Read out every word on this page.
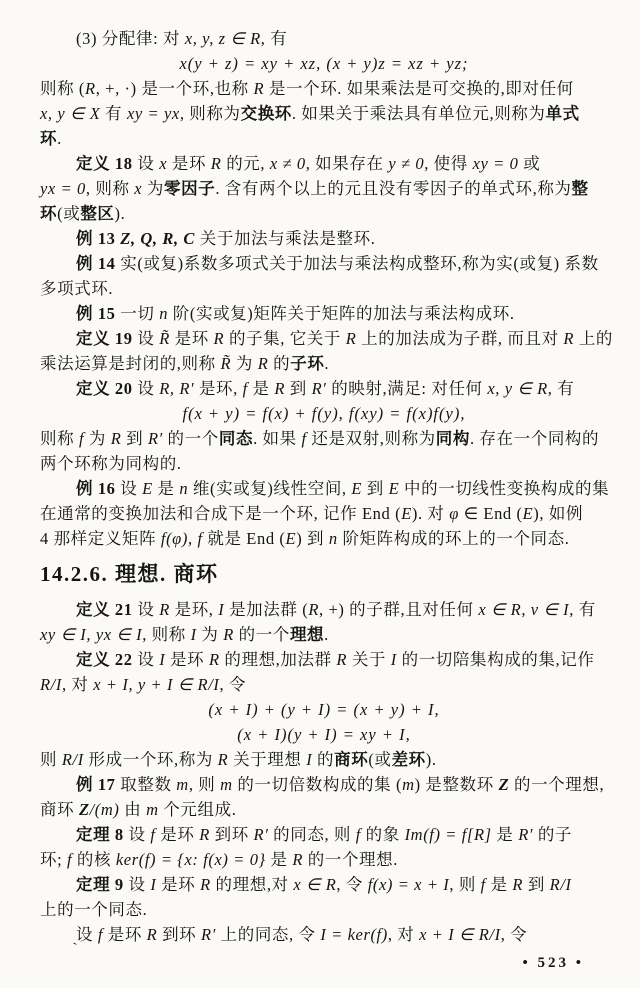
(3) 分配律: 对 x, y, z ∈ R, 有
x(y + z) = xy + xz, (x + y)z = xz + yz;
则称 (R, +, ·) 是一个环,也称 R 是一个环. 如果乘法是可交换的,即对任何
x, y ∈ X 有 xy = yx, 则称为交换环. 如果关于乘法具有单位元,则称为单式
环.
定义 18 设 x 是环 R 的元, x ≠ 0, 如果存在 y ≠ 0, 使得 xy = 0 或
yx = 0, 则称 x 为零因子. 含有两个以上的元且没有零因子的单式环,称为整
环(或整区).
例 13 Z, Q, R, C 关于加法与乘法是整环.
例 14 实(或复)系数多项式关于加法与乘法构成整环,称为实(或复) 系数
多项式环.
例 15 一切 n 阶(实或复)矩阵关于矩阵的加法与乘法构成环.
定义 19 设 R̃ 是环 R 的子集, 它关于 R 上的加法成为子群, 而且对 R 上的
乘法运算是封闭的,则称 R̃ 为 R 的子环.
定义 20 设 R, R′ 是环, f 是 R 到 R′ 的映射,满足: 对任何 x, y ∈ R, 有
f(x + y) = f(x) + f(y), f(xy) = f(x)f(y),
则称 f 为 R 到 R′ 的一个同态. 如果 f 还是双射,则称为同构. 存在一个同构的
两个环称为同构的.
例 16 设 E 是 n 维(实或复)线性空间, E 到 E 中的一切线性变换构成的集
在通常的变换加法和合成下是一个环, 记作 End (E). 对 φ ∈ End (E), 如例
4 那样定义矩阵 f(φ), f 就是 End (E) 到 n 阶矩阵构成的环上的一个同态.
14.2.6. 理想. 商环
定义 21 设 R 是环, I 是加法群 (R, +) 的子群,且对任何 x ∈ R, v ∈ I, 有
xy ∈ I, yx ∈ I, 则称 I 为 R 的一个理想.
定义 22 设 I 是环 R 的理想,加法群 R 关于 I 的一切陪集构成的集,记作
R/I, 对 x + I, y + I ∈ R/I, 令
(x + I) + (y + I) = (x + y) + I,
(x + I)(y + I) = xy + I,
则 R/I 形成一个环,称为 R 关于理想 I 的商环(或差环).
例 17 取整数 m, 则 m 的一切倍数构成的集 (m) 是整数环 Z 的一个理想,
商环 Z/(m) 由 m 个元组成.
定理 8 设 f 是环 R 到环 R′ 的同态, 则 f 的象 Im(f) = f[R] 是 R′ 的子
环; f 的核 ker(f) = {x: f(x) = 0} 是 R 的一个理想.
定理 9 设 I 是环 R 的理想,对 x ∈ R, 令 f(x) = x + I, 则 f 是 R 到 R/I
上的一个同态.
设 f 是环 R 到环 R′ 上的同态, 令 I = ker(f), 对 x + I ∈ R/I, 令
• 523 •
`
